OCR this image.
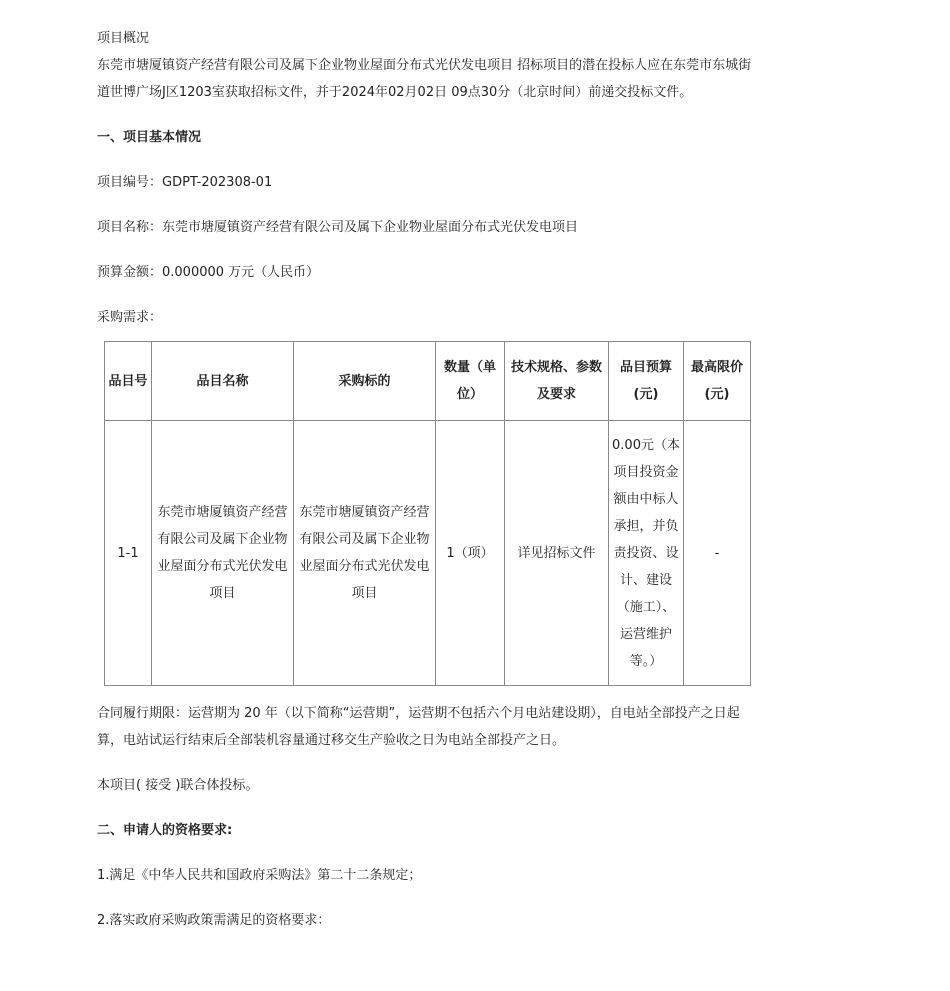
项目概况

东莞市塘厦镇资产经营有限公司及属下企业物业屋面分布式光伏发电项目 招标项目的潜在投标人应在东莞市东城街道世博广场J区1203室获取招标文件，并于2024年02月02日 09点30分（北京时间）前递交投标文件。

一、项目基本情况

项目编号：GDPT-202308-01

项目名称：东莞市塘厦镇资产经营有限公司及属下企业物业屋面分布式光伏发电项目

预算金额：0.000000 万元（人民币）

采购需求：

品目号	品目名称	采购标的	数量（单位）	技术规格、参数及要求	品目预算(元)	最高限价(元)
1-1	东莞市塘厦镇资产经营有限公司及属下企业物业屋面分布式光伏发电项目	东莞市塘厦镇资产经营有限公司及属下企业物业屋面分布式光伏发电项目	1（项）	详见招标文件	0.00元（本项目投资金额由中标人承担，并负责投资、设计、建设（施工）、运营维护等。）	-

合同履行期限：运营期为 20 年（以下简称“运营期”，运营期不包括六个月电站建设期），自电站全部投产之日起算，电站试运行结束后全部装机容量通过移交生产验收之日为电站全部投产之日。

本项目( 接受 )联合体投标。

二、申请人的资格要求:

1.满足《中华人民共和国政府采购法》第二十二条规定；

2.落实政府采购政策需满足的资格要求：
